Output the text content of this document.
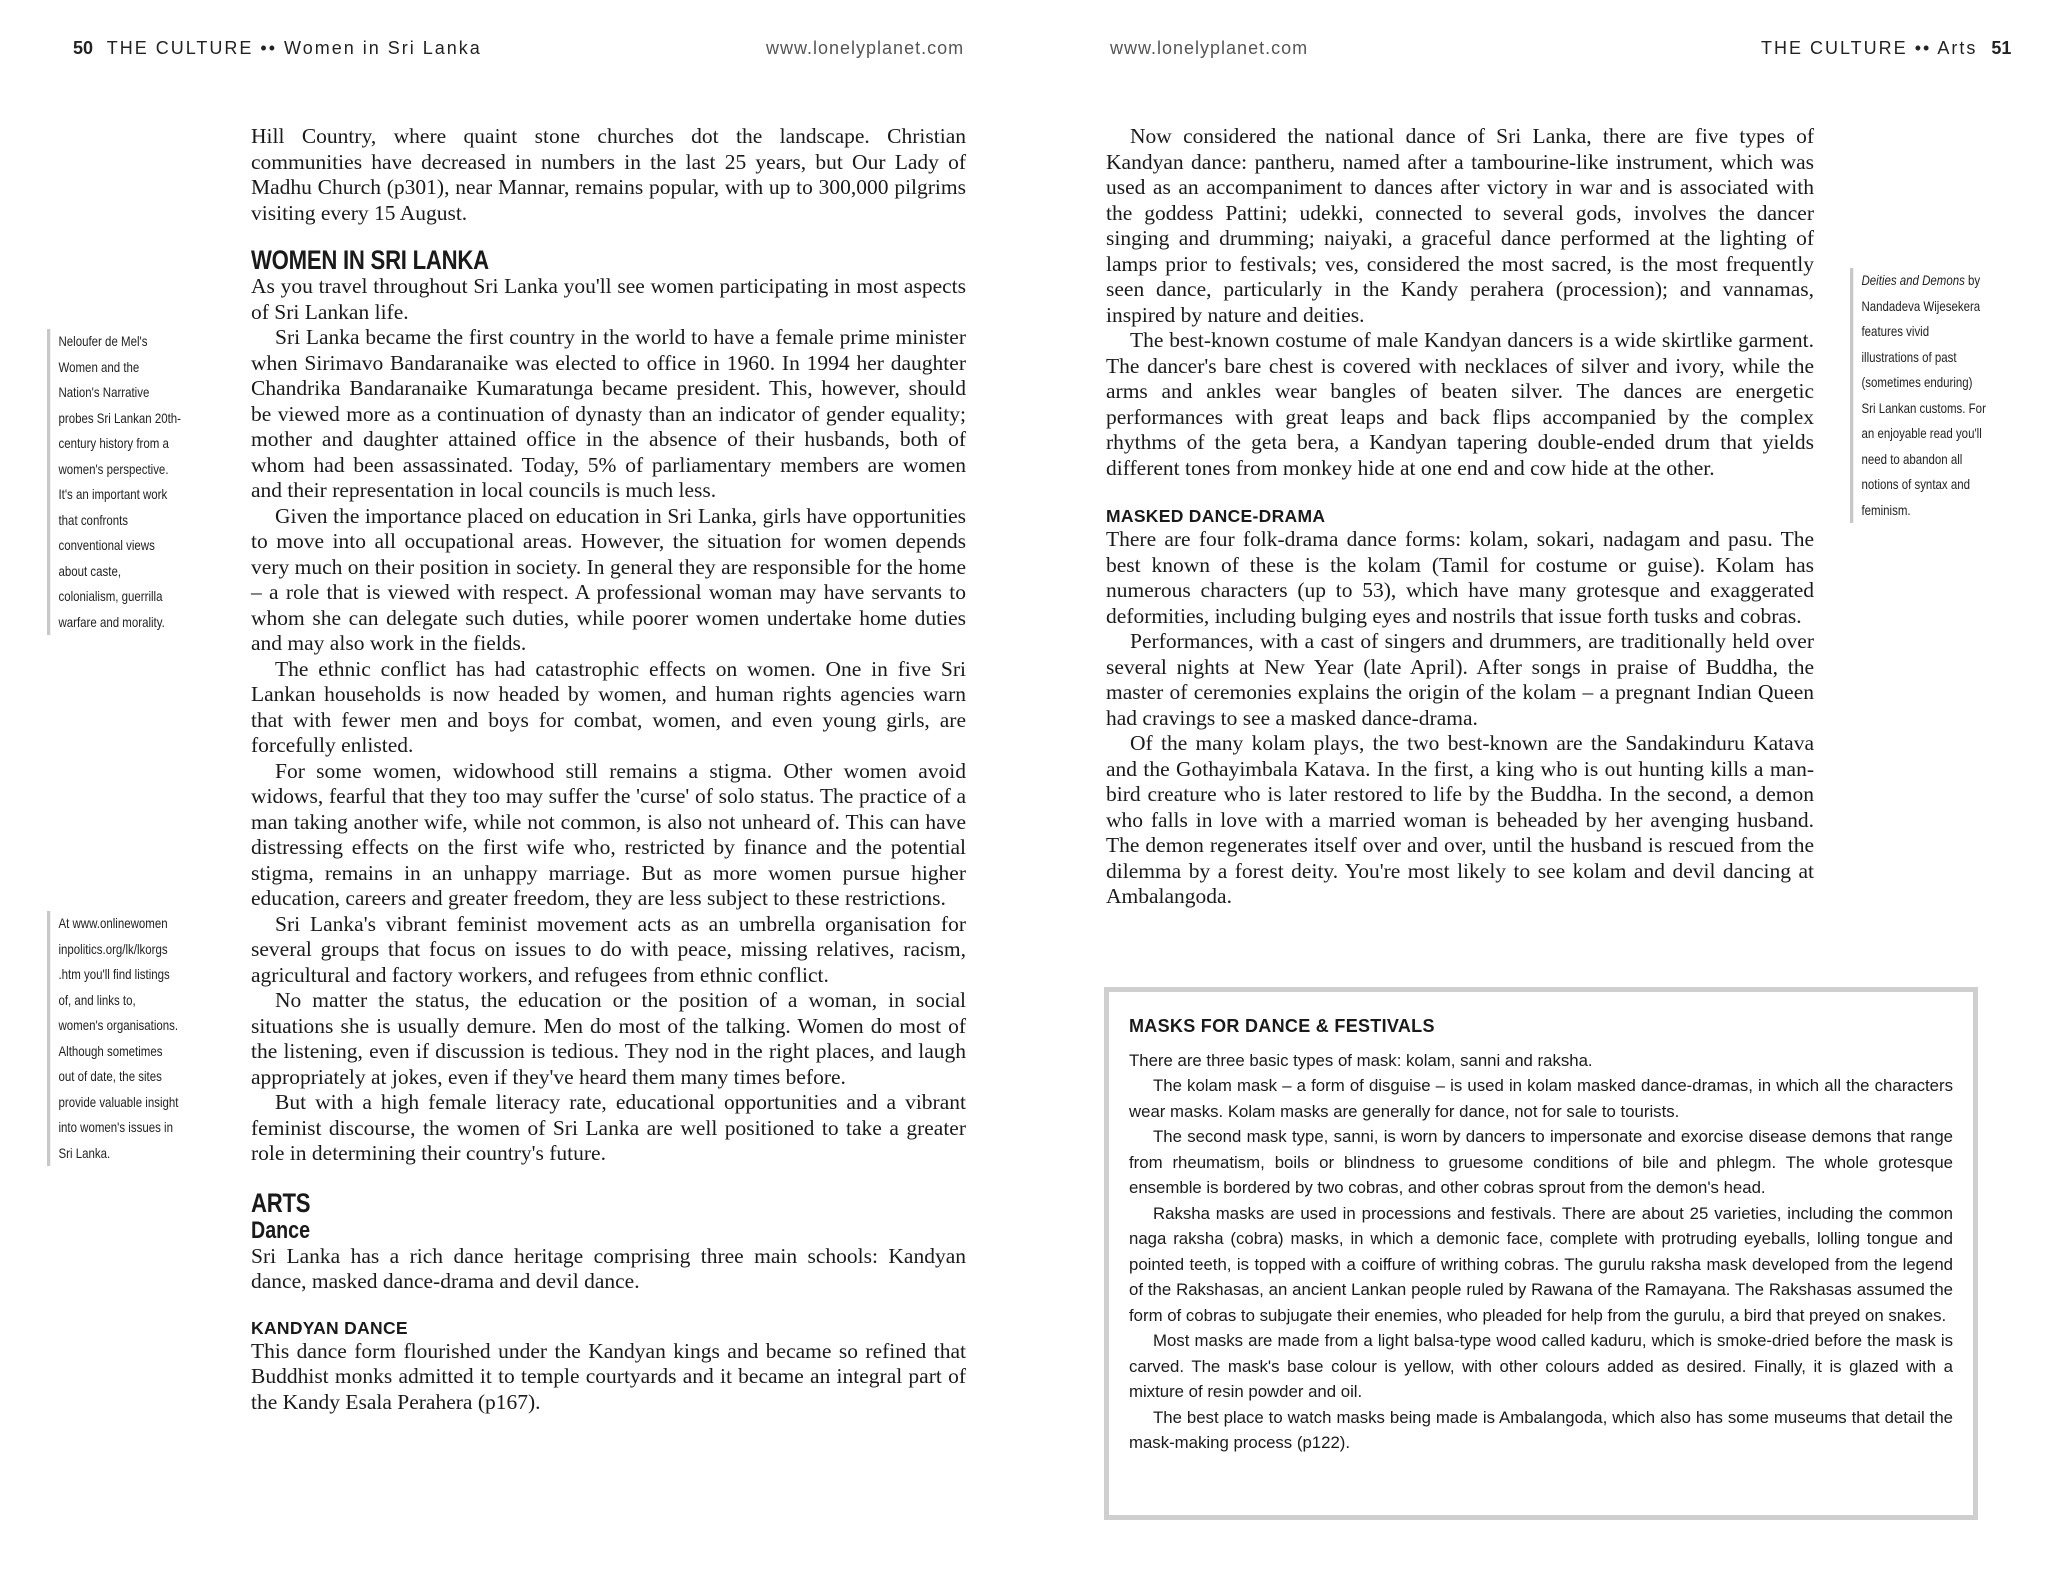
50 THE CULTURE •• Women in Sri Lanka	www.lonelyplanet.com	www.lonelyplanet.com	THE CULTURE •• Arts 51
Neloufer de Mel's Women and the Nation's Narrative probes Sri Lankan 20th-century history from a women's perspective. It's an important work that confronts conventional views about caste, colonialism, guerrilla warfare and morality.
At www.onlinewomen inpolitics.org/lk/lkorgs .htm you'll find listings of, and links to, women's organisations. Although sometimes out of date, the sites provide valuable insight into women's issues in Sri Lanka.
Deities and Demons by Nandadeva Wijesekera features vivid illustrations of past (sometimes enduring) Sri Lankan customs. For an enjoyable read you'll need to abandon all notions of syntax and feminism.

Hill Country, where quaint stone churches dot the landscape. Christian communities have decreased in numbers in the last 25 years, but Our Lady of Madhu Church (p301), near Mannar, remains popular, with up to 300,000 pilgrims visiting every 15 August.

WOMEN IN SRI LANKA

As you travel throughout Sri Lanka you'll see women participating in most aspects of Sri Lankan life.

Sri Lanka became the first country in the world to have a female prime minister when Sirimavo Bandaranaike was elected to office in 1960. In 1994 her daughter Chandrika Bandaranaike Kumaratunga became president. This, however, should be viewed more as a continuation of dynasty than an indicator of gender equality; mother and daughter attained office in the absence of their husbands, both of whom had been assassinated. Today, 5% of parliamentary members are women and their representation in local councils is much less.

Given the importance placed on education in Sri Lanka, girls have opportunities to move into all occupational areas. However, the situation for women depends very much on their position in society. In general they are responsible for the home – a role that is viewed with respect. A professional woman may have servants to whom she can delegate such duties, while poorer women undertake home duties and may also work in the fields.

The ethnic conflict has had catastrophic effects on women. One in five Sri Lankan households is now headed by women, and human rights agencies warn that with fewer men and boys for combat, women, and even young girls, are forcefully enlisted.

For some women, widowhood still remains a stigma. Other women avoid widows, fearful that they too may suffer the 'curse' of solo status. The practice of a man taking another wife, while not common, is also not unheard of. This can have distressing effects on the first wife who, restricted by finance and the potential stigma, remains in an unhappy marriage. But as more women pursue higher education, careers and greater freedom, they are less subject to these restrictions.

Sri Lanka's vibrant feminist movement acts as an umbrella organisation for several groups that focus on issues to do with peace, missing relatives, racism, agricultural and factory workers, and refugees from ethnic conflict.

No matter the status, the education or the position of a woman, in social situations she is usually demure. Men do most of the talking. Women do most of the listening, even if discussion is tedious. They nod in the right places, and laugh appropriately at jokes, even if they've heard them many times before.

But with a high female literacy rate, educational opportunities and a vibrant feminist discourse, the women of Sri Lanka are well positioned to take a greater role in determining their country's future.

ARTS
Dance

Sri Lanka has a rich dance heritage comprising three main schools: Kandyan dance, masked dance-drama and devil dance.

KANDYAN DANCE

This dance form flourished under the Kandyan kings and became so refined that Buddhist monks admitted it to temple courtyards and it became an integral part of the Kandy Esala Perahera (p167).

Now considered the national dance of Sri Lanka, there are five types of Kandyan dance: pantheru, named after a tambourine-like instrument, which was used as an accompaniment to dances after victory in war and is associated with the goddess Pattini; udekki, connected to several gods, involves the dancer singing and drumming; naiyaki, a graceful dance performed at the lighting of lamps prior to festivals; ves, considered the most sacred, is the most frequently seen dance, particularly in the Kandy perahera (procession); and vannamas, inspired by nature and deities.

The best-known costume of male Kandyan dancers is a wide skirtlike garment. The dancer's bare chest is covered with necklaces of silver and ivory, while the arms and ankles wear bangles of beaten silver. The dances are energetic performances with great leaps and back flips accompanied by the complex rhythms of the geta bera, a Kandyan tapering double-ended drum that yields different tones from monkey hide at one end and cow hide at the other.

MASKED DANCE-DRAMA

There are four folk-drama dance forms: kolam, sokari, nadagam and pasu. The best known of these is the kolam (Tamil for costume or guise). Kolam has numerous characters (up to 53), which have many grotesque and exaggerated deformities, including bulging eyes and nostrils that issue forth tusks and cobras.

Performances, with a cast of singers and drummers, are traditionally held over several nights at New Year (late April). After songs in praise of Buddha, the master of ceremonies explains the origin of the kolam – a pregnant Indian Queen had cravings to see a masked dance-drama.

Of the many kolam plays, the two best-known are the Sandakinduru Katava and the Gothayimbala Katava. In the first, a king who is out hunting kills a man-bird creature who is later restored to life by the Buddha. In the second, a demon who falls in love with a married woman is beheaded by her avenging husband. The demon regenerates itself over and over, until the husband is rescued from the dilemma by a forest deity. You're most likely to see kolam and devil dancing at Ambalangoda.

MASKS FOR DANCE & FESTIVALS

There are three basic types of mask: kolam, sanni and raksha.

The kolam mask – a form of disguise – is used in kolam masked dance-dramas, in which all the characters wear masks. Kolam masks are generally for dance, not for sale to tourists.

The second mask type, sanni, is worn by dancers to impersonate and exorcise disease demons that range from rheumatism, boils or blindness to gruesome conditions of bile and phlegm. The whole grotesque ensemble is bordered by two cobras, and other cobras sprout from the demon's head.

Raksha masks are used in processions and festivals. There are about 25 varieties, including the common naga raksha (cobra) masks, in which a demonic face, complete with protruding eyeballs, lolling tongue and pointed teeth, is topped with a coiffure of writhing cobras. The gurulu raksha mask developed from the legend of the Rakshasas, an ancient Lankan people ruled by Rawana of the Ramayana. The Rakshasas assumed the form of cobras to subjugate their enemies, who pleaded for help from the gurulu, a bird that preyed on snakes.

Most masks are made from a light balsa-type wood called kaduru, which is smoke-dried before the mask is carved. The mask's base colour is yellow, with other colours added as desired. Finally, it is glazed with a mixture of resin powder and oil.

The best place to watch masks being made is Ambalangoda, which also has some museums that detail the mask-making process (p122).
